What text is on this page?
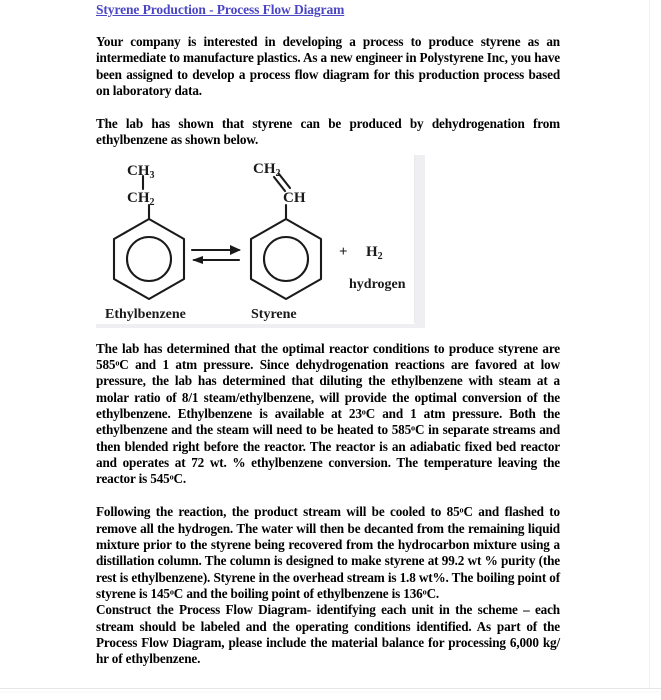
Styrene Production - Process Flow Diagram

Your company is interested in developing a process to produce styrene as an intermediate to manufacture plastics. As a new engineer in Polystyrene Inc, you have been assigned to develop a process flow diagram for this production process based on laboratory data.

The lab has shown that styrene can be produced by dehydrogenation from ethylbenzene as shown below.

$CH_3$
$CH_2$
$CH_2$
CH
+ $H_2$
hydrogen
Ethylbenzene	Styrene

The lab has determined that the optimal reactor conditions to produce styrene are 585$^o$C and 1 atm pressure. Since dehydrogenation reactions are favored at low pressure, the lab has determined that diluting the ethylbenzene with steam at a molar ratio of 8/1 steam/ethylbenzene, will provide the optimal conversion of the ethylbenzene. Ethylbenzene is available at 23$^o$C and 1 atm pressure. Both the ethylbenzene and the steam will need to be heated to 585$^o$C in separate streams and then blended right before the reactor. The reactor is an adiabatic fixed bed reactor and operates at 72 wt. % ethylbenzene conversion. The temperature leaving the reactor is 545$^o$C.

Following the reaction, the product stream will be cooled to 85$^o$C and flashed to remove all the hydrogen. The water will then be decanted from the remaining liquid mixture prior to the styrene being recovered from the hydrocarbon mixture using a distillation column. The column is designed to make styrene at 99.2 wt % purity (the rest is ethylbenzene). Styrene in the overhead stream is 1.8 wt%. The boiling point of styrene is 145$^o$C and the boiling point of ethylbenzene is 136$^o$C.

Construct the Process Flow Diagram- identifying each unit in the scheme – each stream should be labeled and the operating conditions identified. As part of the Process Flow Diagram, please include the material balance for processing 6,000 kg/ hr of ethylbenzene.
